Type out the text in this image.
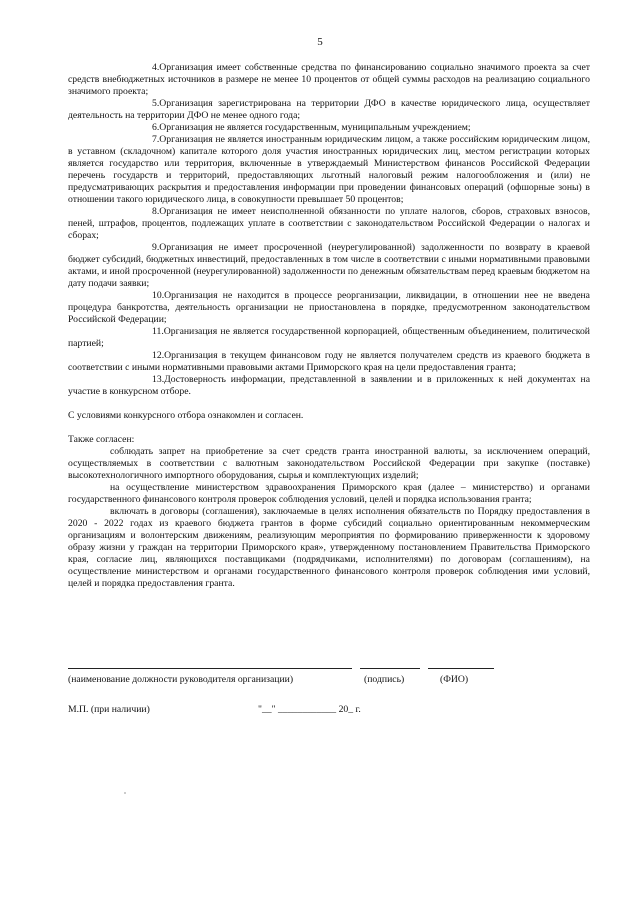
5

4.Организация имеет собственные средства по финансированию социально значимого проекта за счет средств внебюджетных источников в размере не менее 10 процентов от общей суммы расходов на реализацию социального значимого проекта;

5.Организация зарегистрирована на территории ДФО в качестве юридического лица, осуществляет деятельность на территории ДФО не менее одного года;

6.Организация не является государственным, муниципальным учреждением;

7.Организация не является иностранным юридическим лицом, а также российским юридическим лицом, в уставном (складочном) капитале которого доля участия иностранных юридических лиц, местом регистрации которых является государство или территория, включенные в утверждаемый Министерством финансов Российской Федерации перечень государств и территорий, предоставляющих льготный налоговый режим налогообложения и (или) не предусматривающих раскрытия и предоставления информации при проведении финансовых операций (офшорные зоны) в отношении такого юридического лица, в совокупности превышает 50 процентов;

8.Организация не имеет неисполненной обязанности по уплате налогов, сборов, страховых взносов, пеней, штрафов, процентов, подлежащих уплате в соответствии с законодательством Российской Федерации о налогах и сборах;

9.Организация не имеет просроченной (неурегулированной) задолженности по возврату в краевой бюджет субсидий, бюджетных инвестиций, предоставленных в том числе в соответствии с иными нормативными правовыми актами, и иной просроченной (неурегулированной) задолженности по денежным обязательствам перед краевым бюджетом на дату подачи заявки;

10.Организация не находится в процессе реорганизации, ликвидации, в отношении нее не введена процедура банкротства, деятельность организации не приостановлена в порядке, предусмотренном законодательством Российской Федерации;

11.Организация не является государственной корпорацией, общественным объединением, политической партией;

12.Организация в текущем финансовом году не является получателем средств из краевого бюджета в соответствии с иными нормативными правовыми актами Приморского края на цели предоставления гранта;

13.Достоверность информации, представленной в заявлении и в приложенных к ней документах на участие в конкурсном отборе.

С условиями конкурсного отбора ознакомлен и согласен.

Также согласен:

соблюдать запрет на приобретение за счет средств гранта иностранной валюты, за исключением операций, осуществляемых в соответствии с валютным законодательством Российской Федерации при закупке (поставке) высокотехнологичного импортного оборудования, сырья и комплектующих изделий;

на осуществление министерством здравоохранения Приморского края (далее – министерство) и органами государственного финансового контроля проверок соблюдения условий, целей и порядка использования гранта;

включать в договоры (соглашения), заключаемые в целях исполнения обязательств по Порядку предоставления в 2020 - 2022 годах из краевого бюджета грантов в форме субсидий социально ориентированным некоммерческим организациям и волонтерским движениям, реализующим мероприятия по формированию приверженности к здоровому образу жизни у граждан на территории Приморского края», утвержденному постановлением Правительства Приморского края, согласие лиц, являющихся поставщиками (подрядчиками, исполнителями) по договорам (соглашениям), на осуществление министерством и органами государственного финансового контроля проверок соблюдения ими условий, целей и порядка предоставления гранта.

(наименование должности руководителя организации)	(подпись)	(ФИО)
М.П. (при наличии)	"__" ____________ 20_ г.
